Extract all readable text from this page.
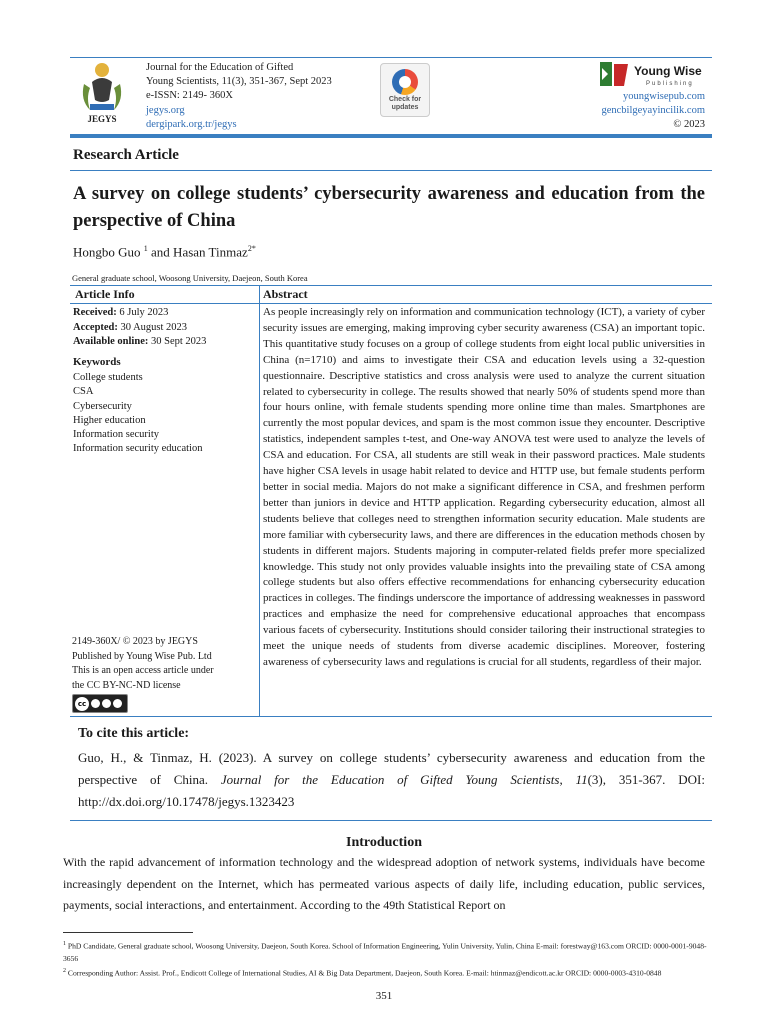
JEGYS
Journal for the Education of Gifted
Young Scientists, 11(3), 351-367, Sept 2023
e-ISSN: 2149- 360X
jegys.org
dergipark.org.tr/jegys
Check for updates
Young Wise
Publishing
youngwisepub.com
gencbilgeyayincilik.com
© 2023
Research Article
A survey on college students’ cybersecurity awareness and education from the perspective of China
Hongbo Guo $^1$ and Hasan Tinmaz$^{2*}$
General graduate school, Woosong University, Daejeon, South Korea
Article Info	Abstract
Received: 6 July 2023
Accepted: 30 August 2023
Available online: 30 Sept 2023
Keywords
College students
CSA
Cybersecurity
Higher education
Information security
Information security education
2149-360X/ © 2023 by JEGYS
Published by Young Wise Pub. Ltd
This is an open access article under
the CC BY-NC-ND license
cc
As people increasingly rely on information and communication technology (ICT), a variety of cyber security issues are emerging, making improving cyber security awareness (CSA) an important topic. This quantitative study focuses on a group of college students from eight local public universities in China (n=1710) and aims to investigate their CSA and education levels using a 32-question questionnaire. Descriptive statistics and cross analysis were used to analyze the current situation related to cybersecurity in college. The results showed that nearly 50% of students spend more than four hours online, with female students spending more online time than males. Smartphones are currently the most popular devices, and spam is the most common issue they encounter. Descriptive statistics, independent samples t-test, and One-way ANOVA test were used to analyze the levels of CSA and education. For CSA, all students are still weak in their password practices. Male students have higher CSA levels in usage habit related to device and HTTP use, but female students perform better in social media. Majors do not make a significant difference in CSA, and freshmen perform better than juniors in device and HTTP application. Regarding cybersecurity education, almost all students believe that colleges need to strengthen information security education. Male students are more familiar with cybersecurity laws, and there are differences in the education methods chosen by students in different majors. Students majoring in computer-related fields prefer more specialized knowledge. This study not only provides valuable insights into the prevailing state of CSA among college students but also offers effective recommendations for enhancing cybersecurity education practices in colleges. The findings underscore the importance of addressing weaknesses in password practices and emphasize the need for comprehensive educational approaches that encompass various facets of cybersecurity. Institutions should consider tailoring their instructional strategies to meet the unique needs of students from diverse academic disciplines. Moreover, fostering awareness of cybersecurity laws and regulations is crucial for all students, regardless of their major.
To cite this article:
Guo, H., & Tinmaz, H. (2023). A survey on college students’ cybersecurity awareness and education from the perspective of China. Journal for the Education of Gifted Young Scientists, 11(3), 351-367. DOI: http://dx.doi.org/10.17478/jegys.1323423
Introduction
With the rapid advancement of information technology and the widespread adoption of network systems, individuals have become increasingly dependent on the Internet, which has permeated various aspects of daily life, including education, public services, payments, social interactions, and entertainment. According to the 49th Statistical Report on
$^1$ PhD Candidate, General graduate school, Woosong University, Daejeon, South Korea. School of Information Engineering, Yulin University, Yulin, China E-mail: forestway@163.com ORCID: 0000-0001-9048-3656
$^2$ Corresponding Author: Assist. Prof., Endicott College of International Studies, AI & Big Data Department, Daejeon, South Korea. E-mail: htinmaz@endicott.ac.kr ORCID: 0000-0003-4310-0848
351
